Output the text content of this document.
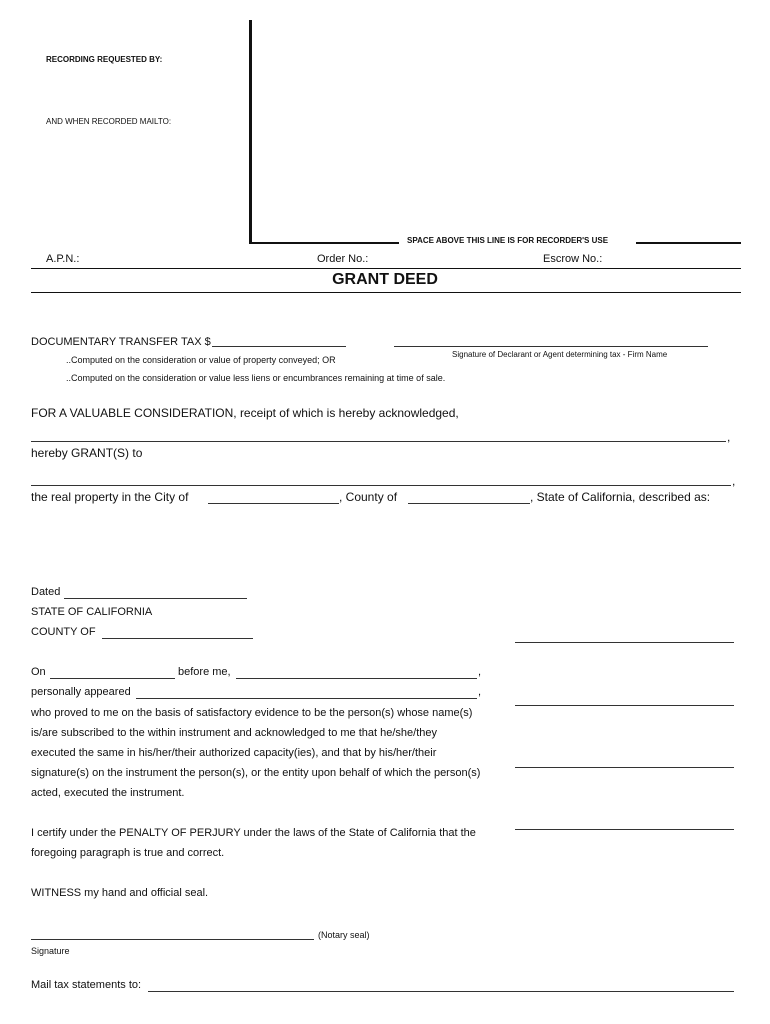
RECORDING REQUESTED BY:
AND WHEN RECORDED MAILTO:
SPACE ABOVE THIS LINE IS FOR RECORDER'S USE
A.P.N.:	Order No.:	Escrow No.:
GRANT DEED
DOCUMENTARY TRANSFER TAX $
Signature of Declarant or Agent determining tax - Firm Name
..Computed on the consideration or value of property conveyed; OR
..Computed on the consideration or value less liens or encumbrances remaining at time of sale.
FOR A VALUABLE CONSIDERATION, receipt of which is hereby acknowledged,
,
hereby GRANT(S) to
,
the real property in the City of	, County of	, State of California, described as:
Dated
STATE OF CALIFORNIA
COUNTY OF
On	before me,	,
personally appeared	,
who proved to me on the basis of satisfactory evidence to be the person(s) whose name(s)
is/are subscribed to the within instrument and acknowledged to me that he/she/they
executed the same in his/her/their authorized capacity(ies), and that by his/her/their
signature(s) on the instrument the person(s), or the entity upon behalf of which the person(s)
acted, executed the instrument.
I certify under the PENALTY OF PERJURY under the laws of the State of California that the
foregoing paragraph is true and correct.
WITNESS my hand and official seal.
(Notary seal)
Signature
Mail tax statements to:
